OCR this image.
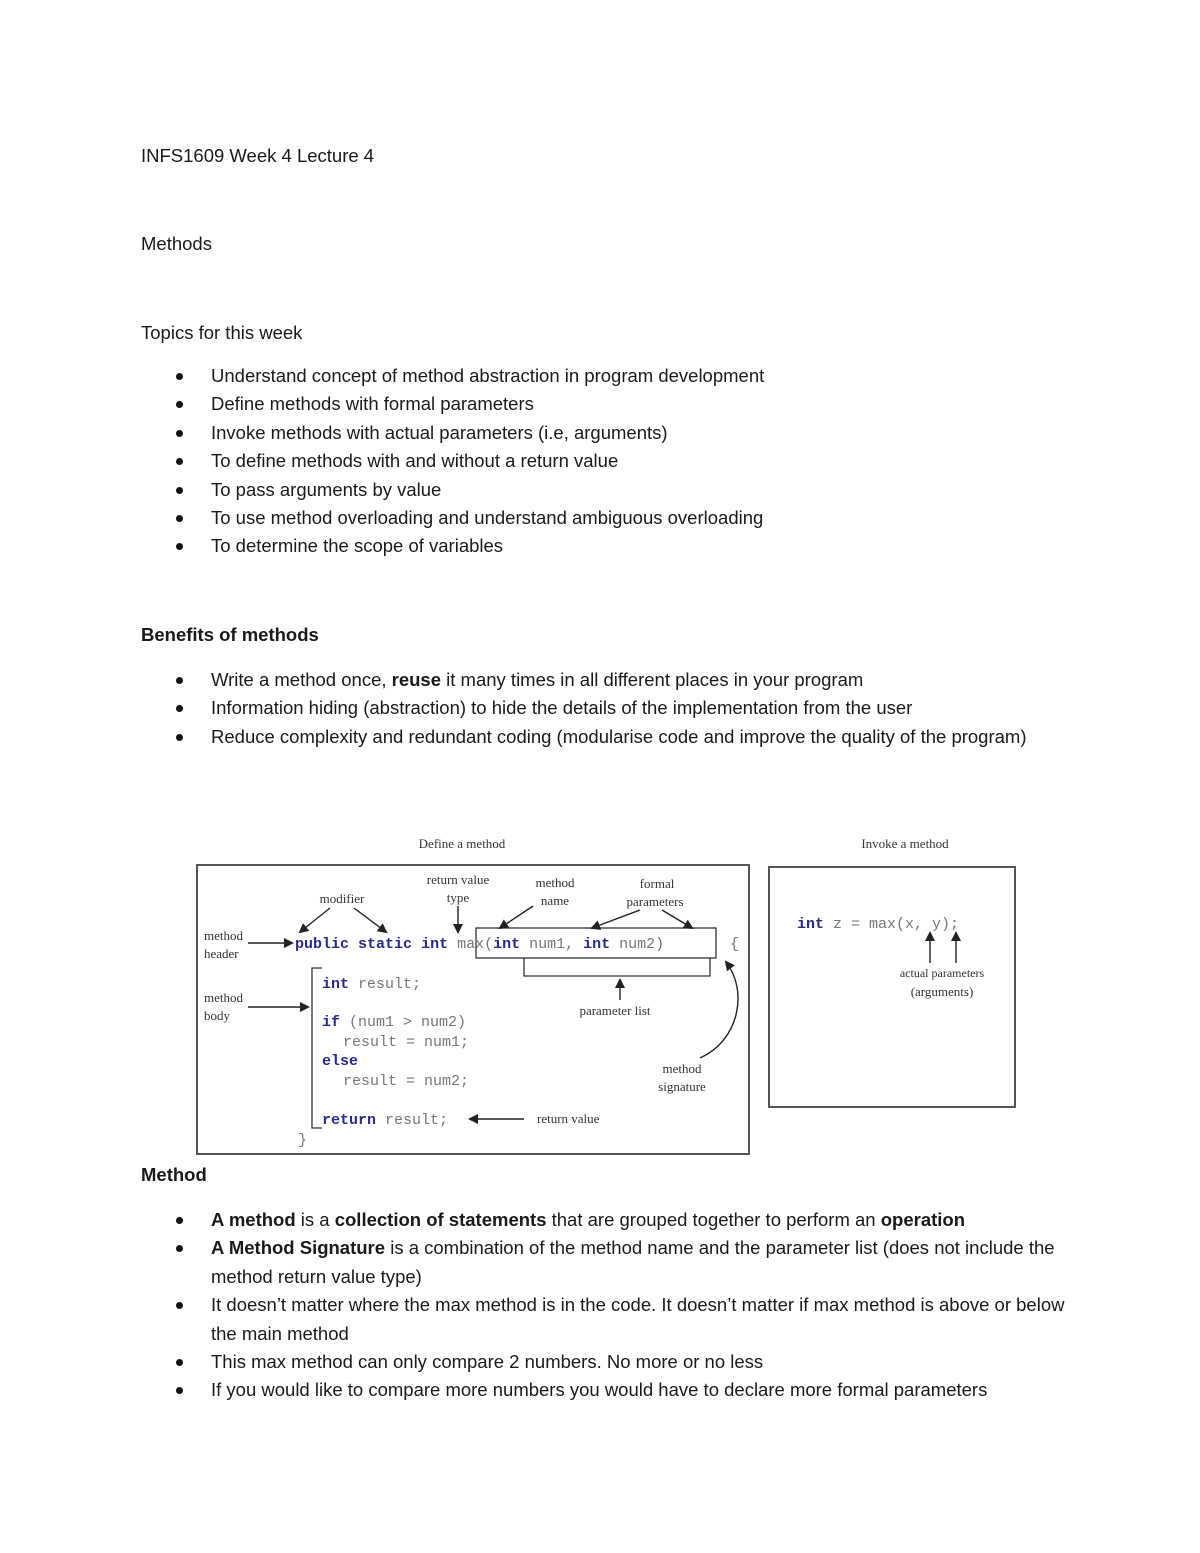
INFS1609 Week 4 Lecture 4
Methods
Topics for this week
Understand concept of method abstraction in program development
Define methods with formal parameters
Invoke methods with actual parameters (i.e, arguments)
To define methods with and without a return value
To pass arguments by value
To use method overloading and understand ambiguous overloading
To determine the scope of variables
Benefits of methods
Write a method once, reuse it many times in all different places in your program
Information hiding (abstraction) to hide the details of the implementation from the user
Reduce complexity and redundant coding (modularise code and improve the quality of the program)
Define a method	Invoke a method
modifier
return value
type
method
name
formal
parameters
method
header
method
body	parameter list
method
signature
return value
actual parameters
(arguments)
public static int max(int num1, int num2)	{
int result;
if (num1 > num2)
result = num1;
else
result = num2;
return result;
}
int z = max(x, y);
Method
A method is a collection of statements that are grouped together to perform an operation
A Method Signature is a combination of the method name and the parameter list (does not include the method return value type)
It doesn’t matter where the max method is in the code. It doesn’t matter if max method is above or below the main method
This max method can only compare 2 numbers. No more or no less
If you would like to compare more numbers you would have to declare more formal parameters
